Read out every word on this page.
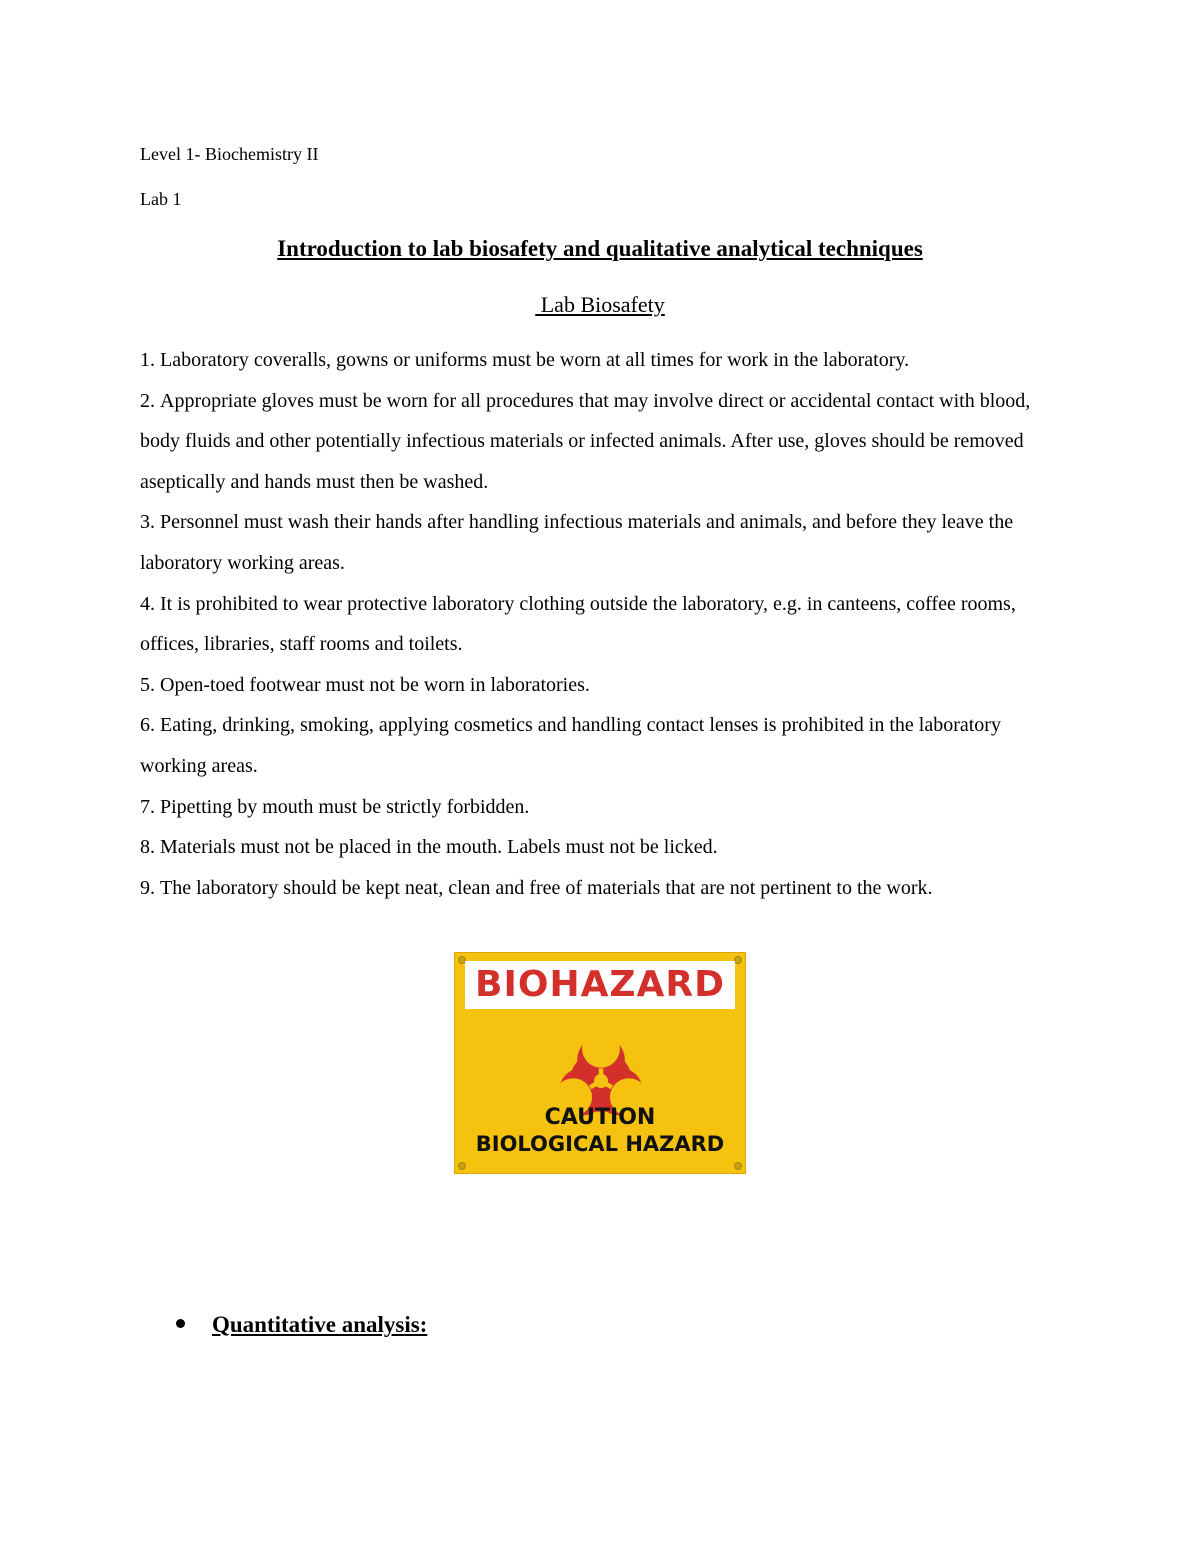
Level 1- Biochemistry II
Lab 1
Introduction to lab biosafety and qualitative analytical techniques
Lab Biosafety

1. Laboratory coveralls, gowns or uniforms must be worn at all times for work in the laboratory.

2. Appropriate gloves must be worn for all procedures that may involve direct or accidental contact with blood, body fluids and other potentially infectious materials or infected animals. After use, gloves should be removed aseptically and hands must then be washed.

3. Personnel must wash their hands after handling infectious materials and animals, and before they leave the laboratory working areas.

4. It is prohibited to wear protective laboratory clothing outside the laboratory, e.g. in canteens, coffee rooms, offices, libraries, staff rooms and toilets.

5. Open-toed footwear must not be worn in laboratories.

6. Eating, drinking, smoking, applying cosmetics and handling contact lenses is prohibited in the laboratory working areas.

7. Pipetting by mouth must be strictly forbidden.

8. Materials must not be placed in the mouth. Labels must not be licked.

9. The laboratory should be kept neat, clean and free of materials that are not pertinent to the work.

BIOHAZARD
CAUTION
BIOLOGICAL HAZARD
Quantitative analysis:
